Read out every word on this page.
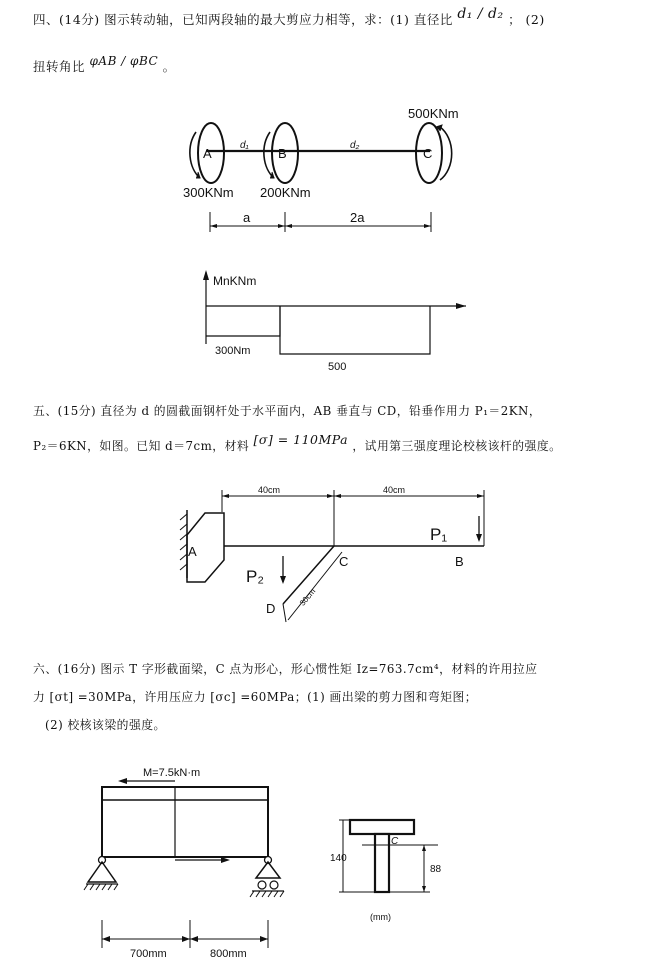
四、(14分) 图示转动轴，已知两段轴的最大剪应力相等，求：(1) 直径比 d₁ / d₂ ； (2)
扭转角比 φAB / φBC 。
500KNm
A	B	C
d₁	d₂
300KNm 200KNm
a	2a
MnKNm
300Nm
500
五、(15分) 直径为 d 的圆截面钢杆处于水平面内，AB 垂直与 CD，铅垂作用力 P₁＝2KN，
P₂＝6KN，如图。已知 d＝7cm，材料 [σ] = 110MPa ，试用第三强度理论校核该杆的强度。
A
40cm	40cm
30cm
C	B
D
P₁
P₂
六、(16分) 图示 T 字形截面梁，C 点为形心，形心惯性矩 Iz=763.7cm⁴，材料的许用拉应
力 [σt] =30MPa，许用压应力 [σc] =60MPa；(1) 画出梁的剪力图和弯矩图；
(2) 校核该梁的强度。
M=7.5kN·m
700mm	800mm
140
C
88
(mm)
